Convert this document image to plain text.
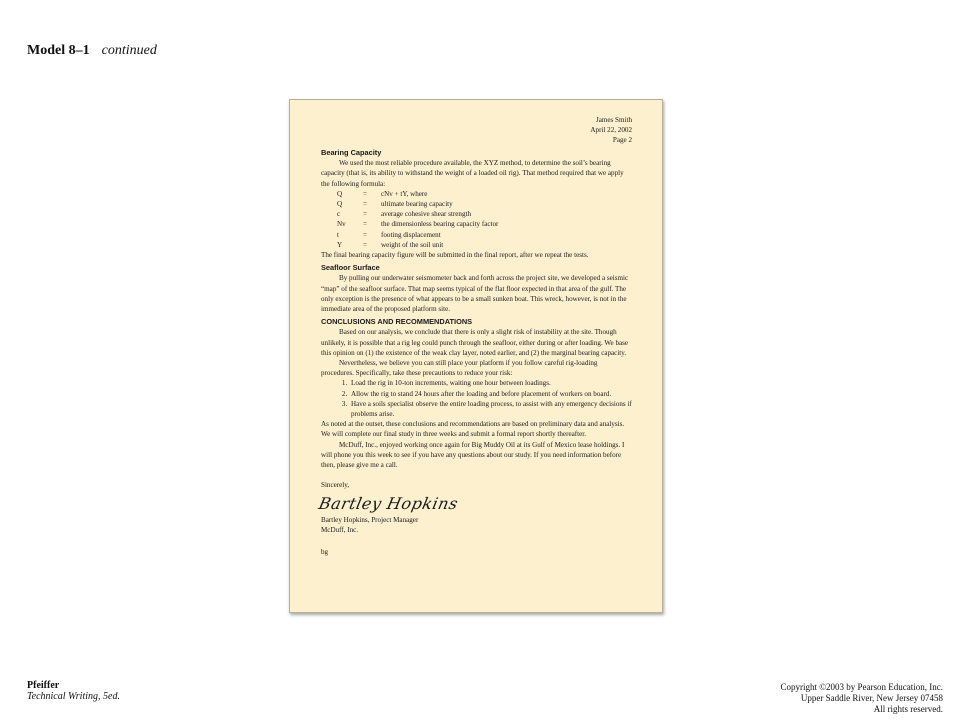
Model 8–1 continued
James Smith
April 22, 2002
Page 2
Bearing Capacity

We used the most reliable procedure available, the XYZ method, to determine the soil’s bearing capacity (that is, its ability to withstand the weight of a loaded oil rig). That method required that we apply the following formula:

Q	=	cNv + tY, where
Q	=	ultimate bearing capacity
c	=	average cohesive shear strength
Nv	=	the dimensionless bearing capacity factor
t	=	footing displacement
Y	=	weight of the soil unit

The final bearing capacity figure will be submitted in the final report, after we repeat the tests.

Seafloor Surface

By pulling our underwater seismometer back and forth across the project site, we developed a seismic “map” of the seafloor surface. That map seems typical of the flat floor expected in that area of the gulf. The only exception is the presence of what appears to be a small sunken boat. This wreck, however, is not in the immediate area of the proposed platform site.

CONCLUSIONS AND RECOMMENDATIONS

Based on our analysis, we conclude that there is only a slight risk of instability at the site. Though unlikely, it is possible that a rig leg could punch through the seafloor, either during or after loading. We base this opinion on (1) the existence of the weak clay layer, noted earlier, and (2) the marginal bearing capacity.

Nevertheless, we believe you can still place your platform if you follow careful rig-loading procedures. Specifically, take these precautions to reduce your risk:

1. Load the rig in 10-ton increments, waiting one hour between loadings.
2. Allow the rig to stand 24 hours after the loading and before placement of workers on board.
3. Have a soils specialist observe the entire loading process, to assist with any emergency decisions if problems arise.

As noted at the outset, these conclusions and recommendations are based on preliminary data and analysis. We will complete our final study in three weeks and submit a formal report shortly thereafter.

McDuff, Inc., enjoyed working once again for Big Muddy Oil at its Gulf of Mexico lease holdings. I will phone you this week to see if you have any questions about our study. If you need information before then, please give me a call.

Sincerely,
Bartley Hopkins
Bartley Hopkins, Project Manager
McDuff, Inc.
bg
Pfeiffer
Technical Writing, 5ed.
Copyright ©2003 by Pearson Education, Inc.
Upper Saddle River, New Jersey 07458
All rights reserved.
